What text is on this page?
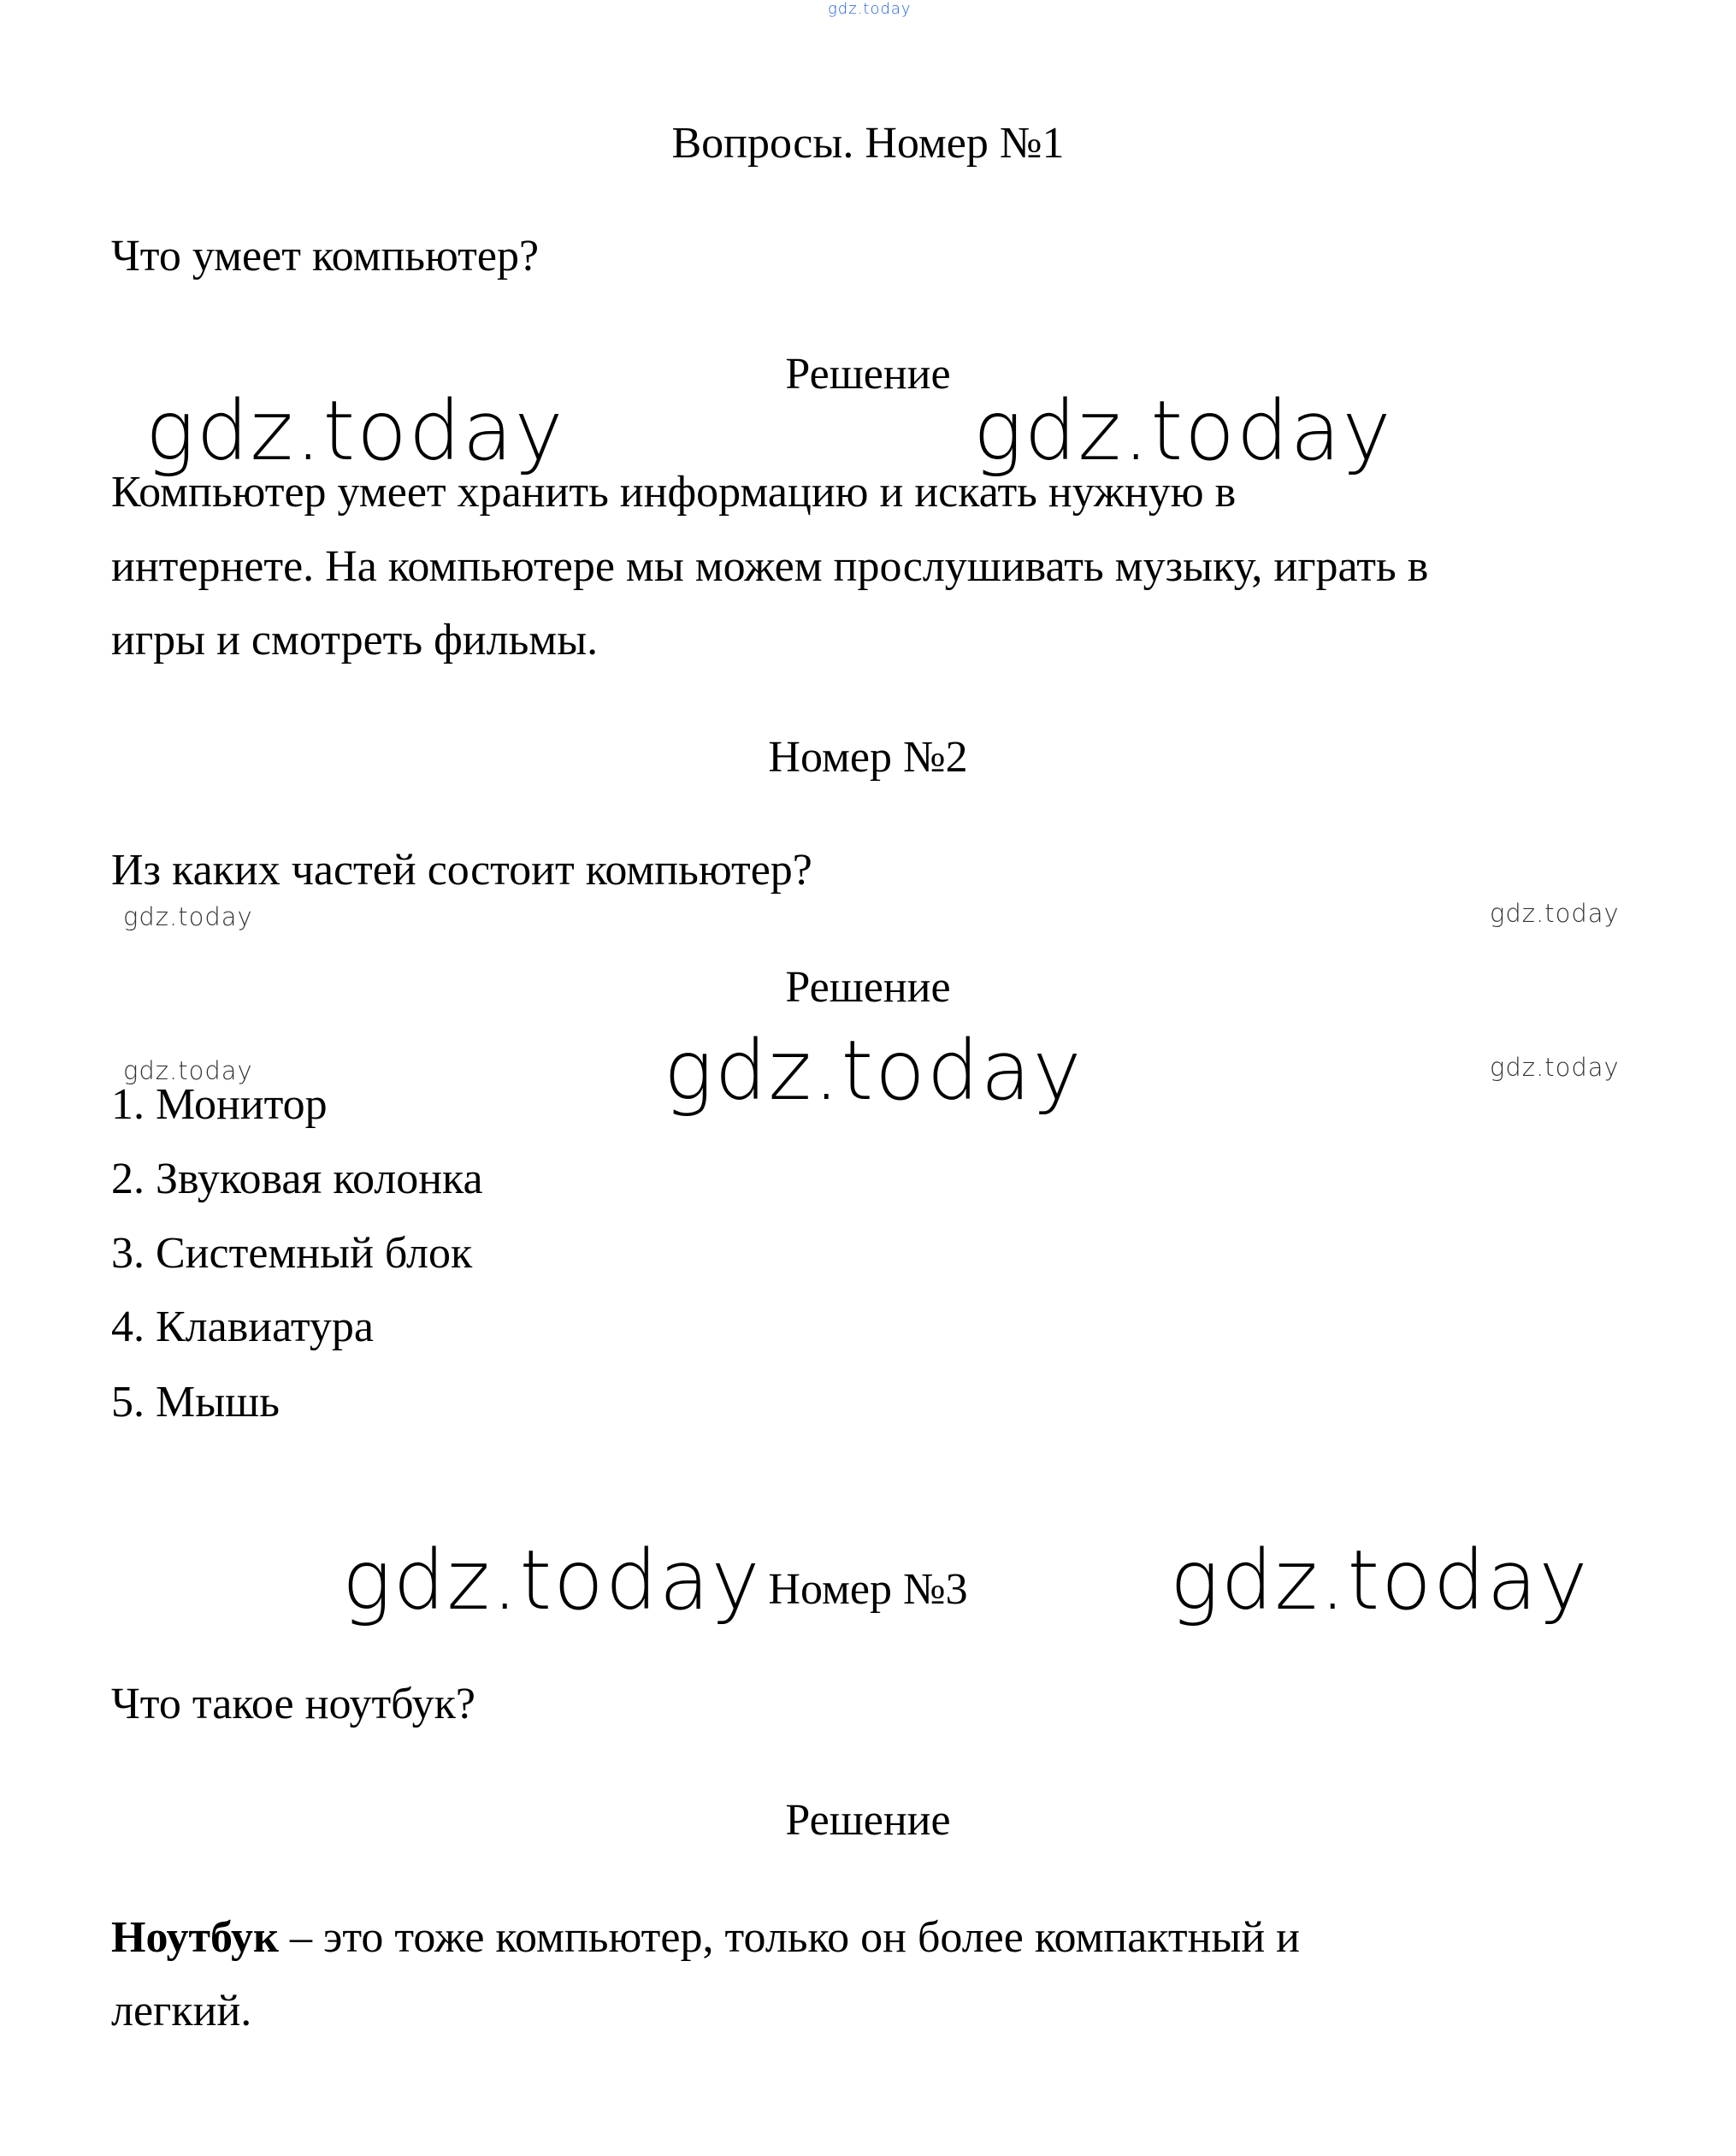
gdz.today
gdz.today	gdz.today
gdz.today	gdz.today
gdz.today	gdz.today
gdz.today
gdz.today	gdz.today
Вопросы. Номер №1
Что умеет компьютер?
Решение
Компьютер умеет хранить информацию и искать нужную в
интернете. На компьютере мы можем прослушивать музыку, играть в
игры и смотреть фильмы.
Номер №2
Из каких частей состоит компьютер?
Решение
1. Монитор
2. Звуковая колонка
3. Системный блок
4. Клавиатура
5. Мышь
Номер №3
Что такое ноутбук?
Решение
Ноутбук – это тоже компьютер, только он более компактный и
легкий.
